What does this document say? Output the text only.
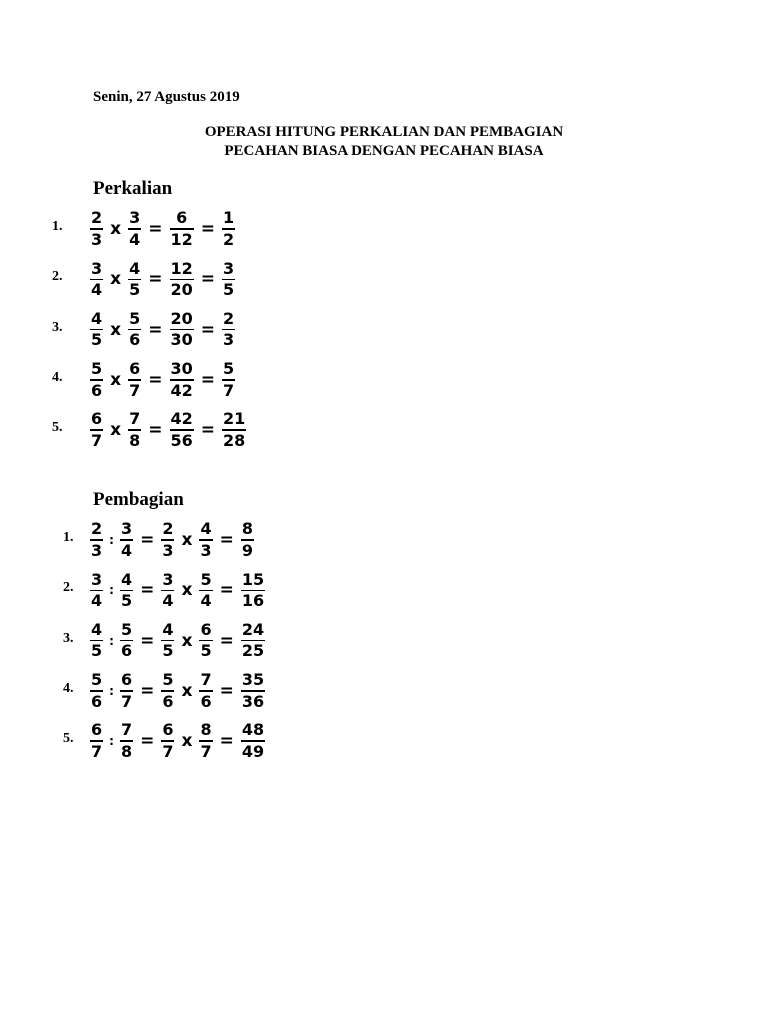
Senin, 27 Agustus 2019
OPERASI HITUNG PERKALIAN DAN PEMBAGIAN
PECAHAN BIASA DENGAN PECAHAN BIASA
Perkalian
1. $\frac{2}{3}$ x $\frac{3}{4} = \frac{6}{12} = \frac{1}{2}$
2. $\frac{3}{4}$ x $\frac{4}{5} = \frac{12}{20} = \frac{3}{5}$
3. $\frac{4}{5}$ x $\frac{5}{6} = \frac{20}{30} = \frac{2}{3}$
4. $\frac{5}{6}$ x $\frac{6}{7} = \frac{30}{42} = \frac{5}{7}$
5. $\frac{6}{7}$ x $\frac{7}{8} = \frac{42}{56} = \frac{21}{28}$
Pembagian
1. $\frac{2}{3}$ : $\frac{3}{4} = \frac{2}{3}$ x $\frac{4}{3} = \frac{8}{9}$
2. $\frac{3}{4}$ : $\frac{4}{5} = \frac{3}{4}$ x $\frac{5}{4} = \frac{15}{16}$
3. $\frac{4}{5}$ : $\frac{5}{6} = \frac{4}{5}$ x $\frac{6}{5} = \frac{24}{25}$
4. $\frac{5}{6}$ : $\frac{6}{7} = \frac{5}{6}$ x $\frac{7}{6} = \frac{35}{36}$
5. $\frac{6}{7}$ : $\frac{7}{8} = \frac{6}{7}$ x $\frac{8}{7} = \frac{48}{49}$
